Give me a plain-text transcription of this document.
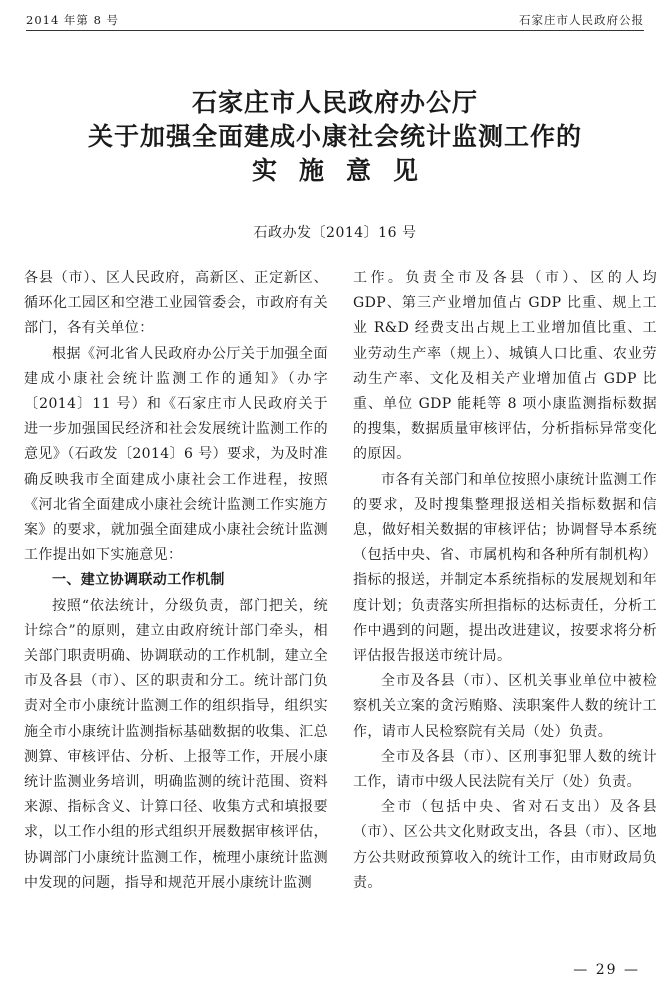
2014 年第 8 号	石家庄市人民政府公报

石家庄市人民政府办公厅

关于加强全面建成小康社会统计监测工作的

实施意见

石政办发〔2014〕16 号

各县（市）、区人民政府，高新区、正定新区、循环化工园区和空港工业园管委会，市政府有关部门，各有关单位：

根据《河北省人民政府办公厅关于加强全面建成小康社会统计监测工作的通知》（办字〔2014〕11 号）和《石家庄市人民政府关于进一步加强国民经济和社会发展统计监测工作的意见》（石政发〔2014〕6 号）要求，为及时准确反映我市全面建成小康社会工作进程，按照《河北省全面建成小康社会统计监测工作实施方案》的要求，就加强全面建成小康社会统计监测工作提出如下实施意见：

一、建立协调联动工作机制

按照“依法统计，分级负责，部门把关，统计综合”的原则，建立由政府统计部门牵头，相关部门职责明确、协调联动的工作机制，建立全市及各县（市）、区的职责和分工。统计部门负责对全市小康统计监测工作的组织指导，组织实施全市小康统计监测指标基础数据的收集、汇总测算、审核评估、分析、上报等工作，开展小康统计监测业务培训，明确监测的统计范围、资料来源、指标含义、计算口径、收集方式和填报要求，以工作小组的形式组织开展数据审核评估，协调部门小康统计监测工作，梳理小康统计监测中发现的问题，指导和规范开展小康统计监测

工作。负责全市及各县（市）、区的人均 GDP、第三产业增加值占 GDP 比重、规上工业 R&D 经费支出占规上工业增加值比重、工业劳动生产率（规上）、城镇人口比重、农业劳动生产率、文化及相关产业增加值占 GDP 比重、单位 GDP 能耗等 8 项小康监测指标数据的搜集，数据质量审核评估，分析指标异常变化的原因。

市各有关部门和单位按照小康统计监测工作的要求，及时搜集整理报送相关指标数据和信息，做好相关数据的审核评估；协调督导本系统（包括中央、省、市属机构和各种所有制机构）指标的报送，并制定本系统指标的发展规划和年度计划；负责落实所担指标的达标责任，分析工作中遇到的问题，提出改进建议，按要求将分析评估报告报送市统计局。

全市及各县（市）、区机关事业单位中被检察机关立案的贪污贿赂、渎职案件人数的统计工作，请市人民检察院有关局（处）负责。

全市及各县（市）、区刑事犯罪人数的统计工作，请市中级人民法院有关厅（处）负责。

全市（包括中央、省对石支出）及各县（市）、区公共文化财政支出，各县（市）、区地方公共财政预算收入的统计工作，由市财政局负责。

— 29 —
